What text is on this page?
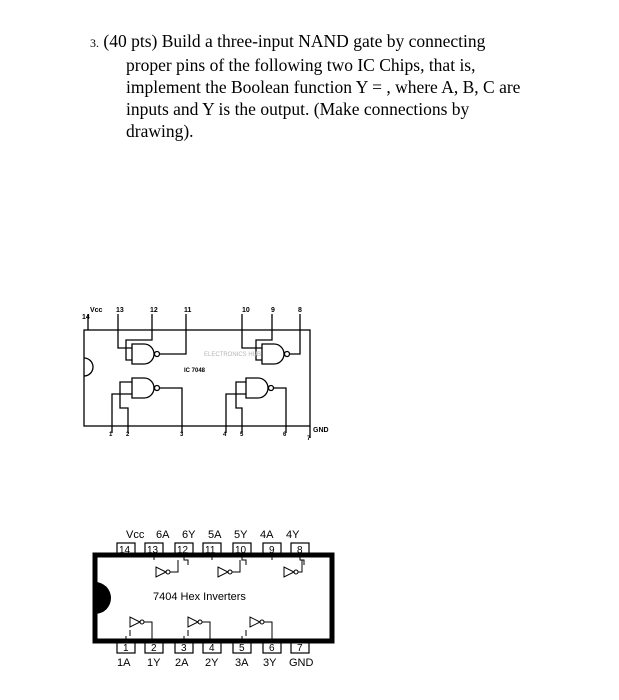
3. (40 pts) Build a three-input NAND gate by connecting
proper pins of the following two IC Chips, that is,
implement the Boolean function Y = , where A, B, C are
inputs and Y is the output. (Make connections by
drawing).
14
Vcc 13	12	11	10	9	8
ELECTRONICS HUB
IC 7048
1 2	3	4 5	6
7
GND
Vcc 6A 6Y 5A 5Y 4A 4Y
7404 Hex Inverters
14 13 12 11 10 9 8
1 2 3 4 5 6 7
1A 1Y 2A 2Y 3A 3Y GND
